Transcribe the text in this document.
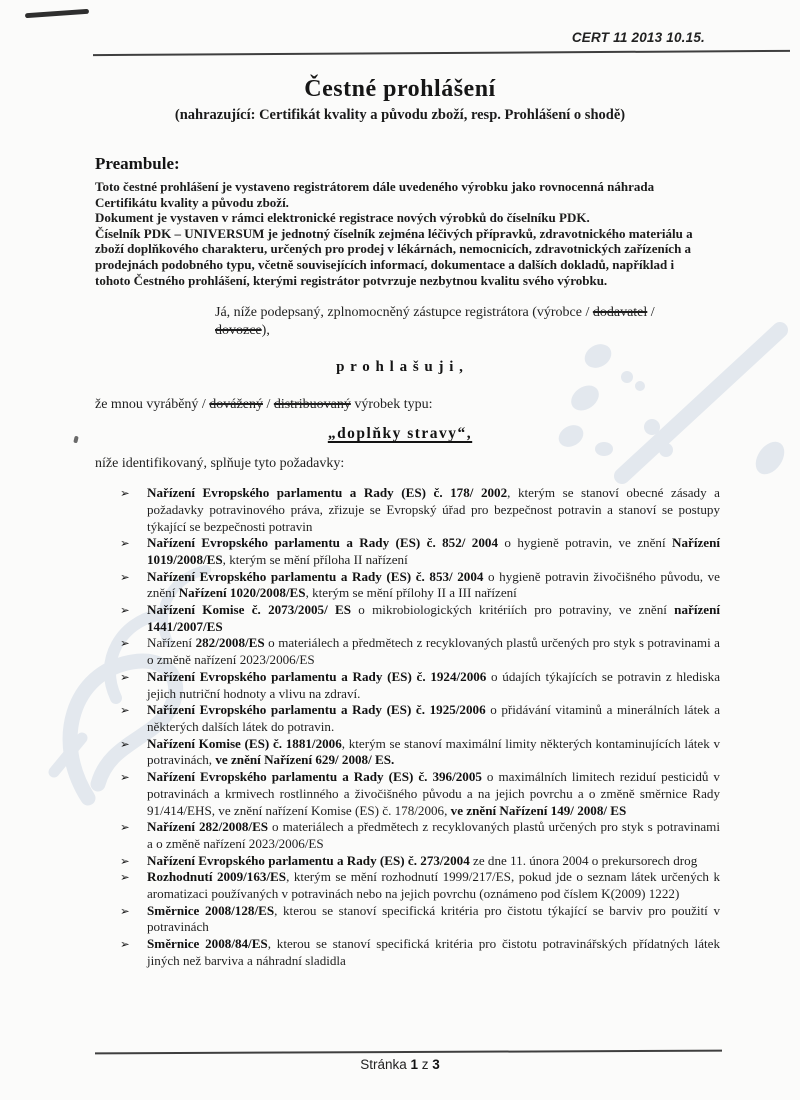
CERT 11 2013 10.15.
Čestné prohlášení
(nahrazující: Certifikát kvality a původu zboží, resp. Prohlášení o shodě)
Preambule:

Toto čestné prohlášení je vystaveno registrátorem dále uvedeného výrobku jako rovnocenná náhrada Certifikátu kvality a původu zboží.

Dokument je vystaven v rámci elektronické registrace nových výrobků do číselníku PDK.

Číselník PDK – UNIVERSUM je jednotný číselník zejména léčivých přípravků, zdravotnického materiálu a zboží doplňkového charakteru, určených pro prodej v lékárnách, nemocnicích, zdravotnických zařízeních a prodejnách podobného typu, včetně souvisejících informací, dokumentace a dalších dokladů, například i tohoto Čestného prohlášení, kterými registrátor potvrzuje nezbytnou kvalitu svého výrobku.

Já, níže podepsaný, zplnomocněný zástupce registrátora (výrobce / dodavatel / dovozce),
p r o h l a š u j i ,
že mnou vyráběný / dovážený / distribuovaný výrobek typu:
„doplňky stravy“,
níže identifikovaný, splňuje tyto požadavky:
➢ Nařízení Evropského parlamentu a Rady (ES) č. 178/ 2002, kterým se stanoví obecné zásady a požadavky potravinového práva, zřizuje se Evropský úřad pro bezpečnost potravin a stanoví se postupy týkající se bezpečnosti potravin
➢ Nařízení Evropského parlamentu a Rady (ES) č. 852/ 2004 o hygieně potravin, ve znění Nařízení 1019/2008/ES, kterým se mění příloha II nařízení
➢ Nařízení Evropského parlamentu a Rady (ES) č. 853/ 2004 o hygieně potravin živočišného původu, ve znění Nařízení 1020/2008/ES, kterým se mění přílohy II a III nařízení
➢ Nařízení Komise č. 2073/2005/ ES o mikrobiologických kritériích pro potraviny, ve znění nařízení 1441/2007/ES
➢ Nařízení 282/2008/ES o materiálech a předmětech z recyklovaných plastů určených pro styk s potravinami a o změně nařízení 2023/2006/ES
➢ Nařízení Evropského parlamentu a Rady (ES) č. 1924/2006 o údajích týkajících se potravin z hlediska jejich nutriční hodnoty a vlivu na zdraví.
➢ Nařízení Evropského parlamentu a Rady (ES) č. 1925/2006 o přidávání vitaminů a minerálních látek a některých dalších látek do potravin.
➢ Nařízení Komise (ES) č. 1881/2006, kterým se stanoví maximální limity některých kontaminujících látek v potravinách, ve znění Nařízení 629/ 2008/ ES.
➢ Nařízení Evropského parlamentu a Rady (ES) č. 396/2005 o maximálních limitech reziduí pesticidů v potravinách a krmivech rostlinného a živočišného původu a na jejich povrchu a o změně směrnice Rady 91/414/EHS, ve znění nařízení Komise (ES) č. 178/2006, ve znění Nařízení 149/ 2008/ ES
➢ Nařízení 282/2008/ES o materiálech a předmětech z recyklovaných plastů určených pro styk s potravinami a o změně nařízení 2023/2006/ES
➢ Nařízení Evropského parlamentu a Rady (ES) č. 273/2004 ze dne 11. února 2004 o prekursorech drog
➢ Rozhodnutí 2009/163/ES, kterým se mění rozhodnutí 1999/217/ES, pokud jde o seznam látek určených k aromatizaci používaných v potravinách nebo na jejich povrchu (oznámeno pod číslem K(2009) 1222)
➢ Směrnice 2008/128/ES, kterou se stanoví specifická kritéria pro čistotu týkající se barviv pro použití v potravinách
➢ Směrnice 2008/84/ES, kterou se stanoví specifická kritéria pro čistotu potravinářských přídatných látek jiných než barviva a náhradní sladidla
Stránka 1 z 3
